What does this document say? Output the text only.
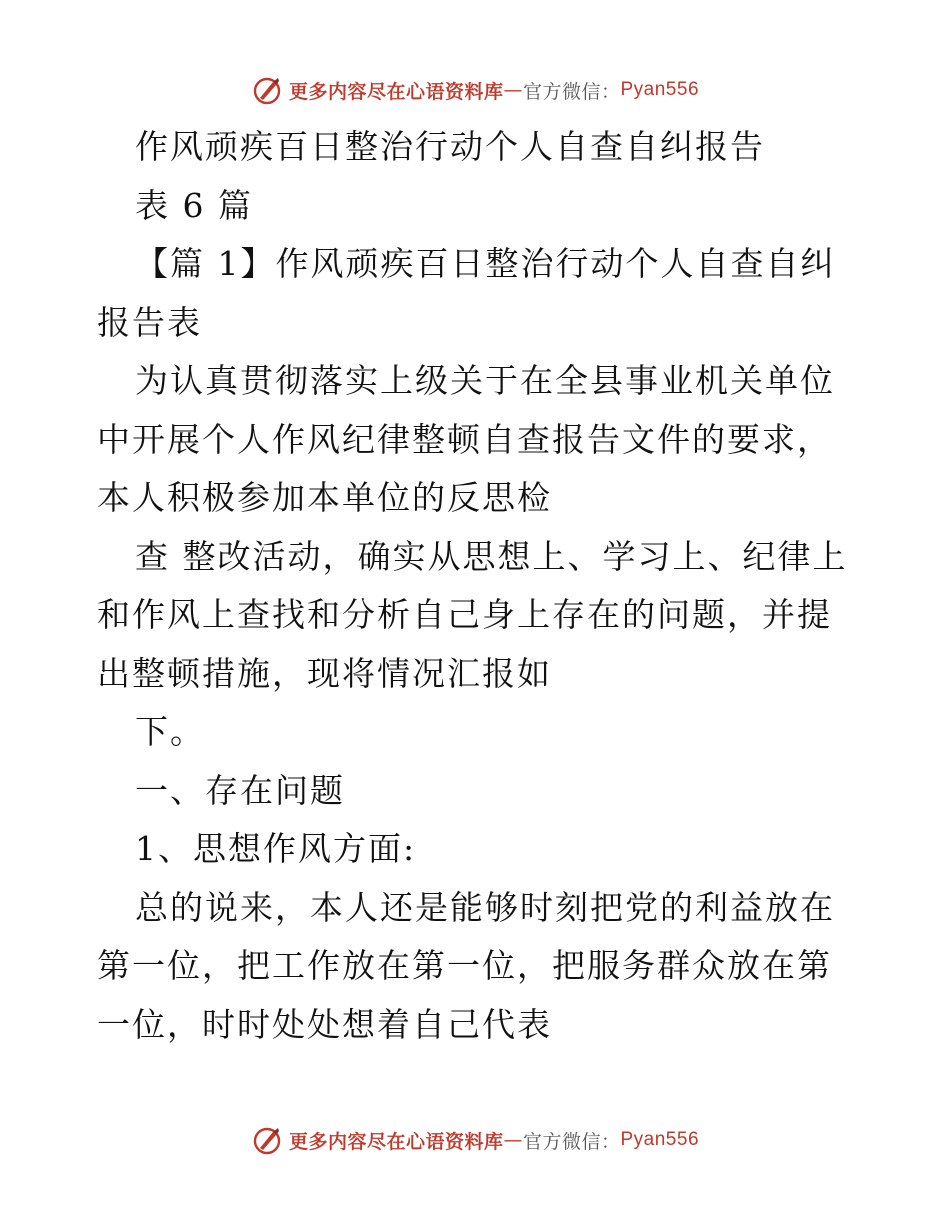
更多内容尽在心语资料库 — 官方微信： Pyan556

作风顽疾百日整治行动个人自查自纠报告

表 6 篇

【篇 1】作风顽疾百日整治行动个人自查自纠报告表

为认真贯彻落实上级关于在全县事业机关单位中开展个人作风纪律整顿自查报告文件的要求，本人积极参加本单位的反思检

查 整改活动，确实从思想上、学习上、纪律上和作风上查找和分析自己身上存在的问题，并提出整顿措施，现将情况汇报如

下。

一、存在问题

1、思想作风方面:

总的说来，本人还是能够时刻把党的利益放在第一位，把工作放在第一位，把服务群众放在第一位，时时处处想着自己代表

更多内容尽在心语资料库 — 官方微信： Pyan556
